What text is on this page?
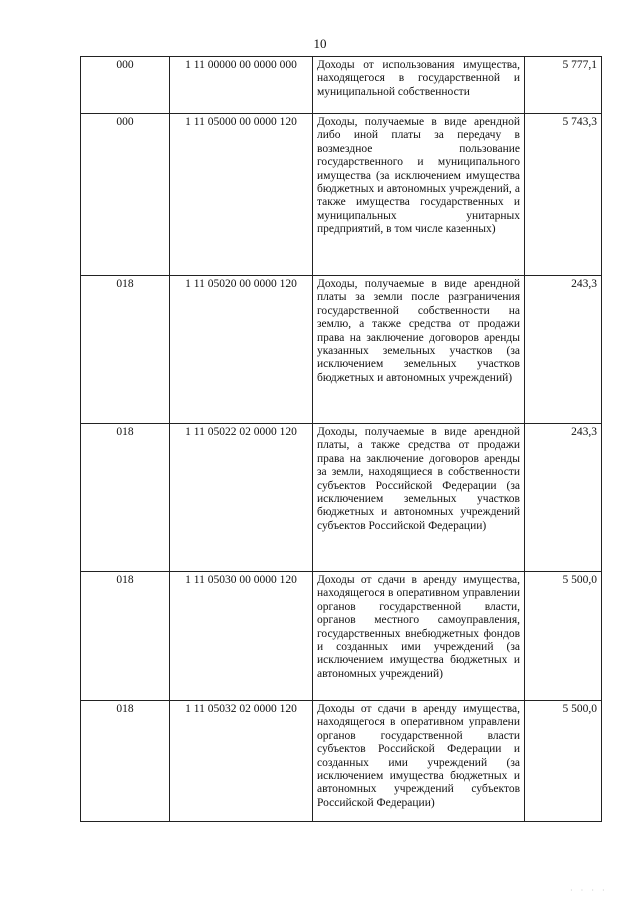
10
000	1 11 00000 00 0000 000	Доходы от использования имущества, находящегося в государственной и муниципальной собственности	5 777,1
000	1 11 05000 00 0000 120	Доходы, получаемые в виде арендной либо иной платы за передачу в возмездное пользование государственного и муниципального имущества (за исключением имущества бюджетных и автономных учреждений, а также имущества государственных и муниципальных унитарных предприятий, в том числе казенных)	5 743,3
018	1 11 05020 00 0000 120	Доходы, получаемые в виде арендной платы за земли после разграничения государственной собственности на землю, а также средства от продажи права на заключение договоров аренды указанных земельных участков (за исключением земельных участков бюджетных и автономных учреждений)	243,3
018	1 11 05022 02 0000 120	Доходы, получаемые в виде арендной платы, а также средства от продажи права на заключение договоров аренды за земли, находящиеся в собственности субъектов Российской Федерации (за исключением земельных участков бюджетных и автономных учреждений субъектов Российской Федерации)	243,3
018	1 11 05030 00 0000 120	Доходы от сдачи в аренду имущества, находящегося в оперативном управлении органов государственной власти, органов местного самоуправления, государственных внебюджетных фондов и созданных ими учреждений (за исключением имущества бюджетных и автономных учреждений)	5 500,0
018	1 11 05032 02 0000 120	Доходы от сдачи в аренду имущества, находящегося в оперативном управлени органов государственной власти субъектов Российской Федерации и созданных ими учреждений (за исключением имущества бюджетных и автономных учреждений субъектов Российской Федерации)	5 500,0
· · · ·
